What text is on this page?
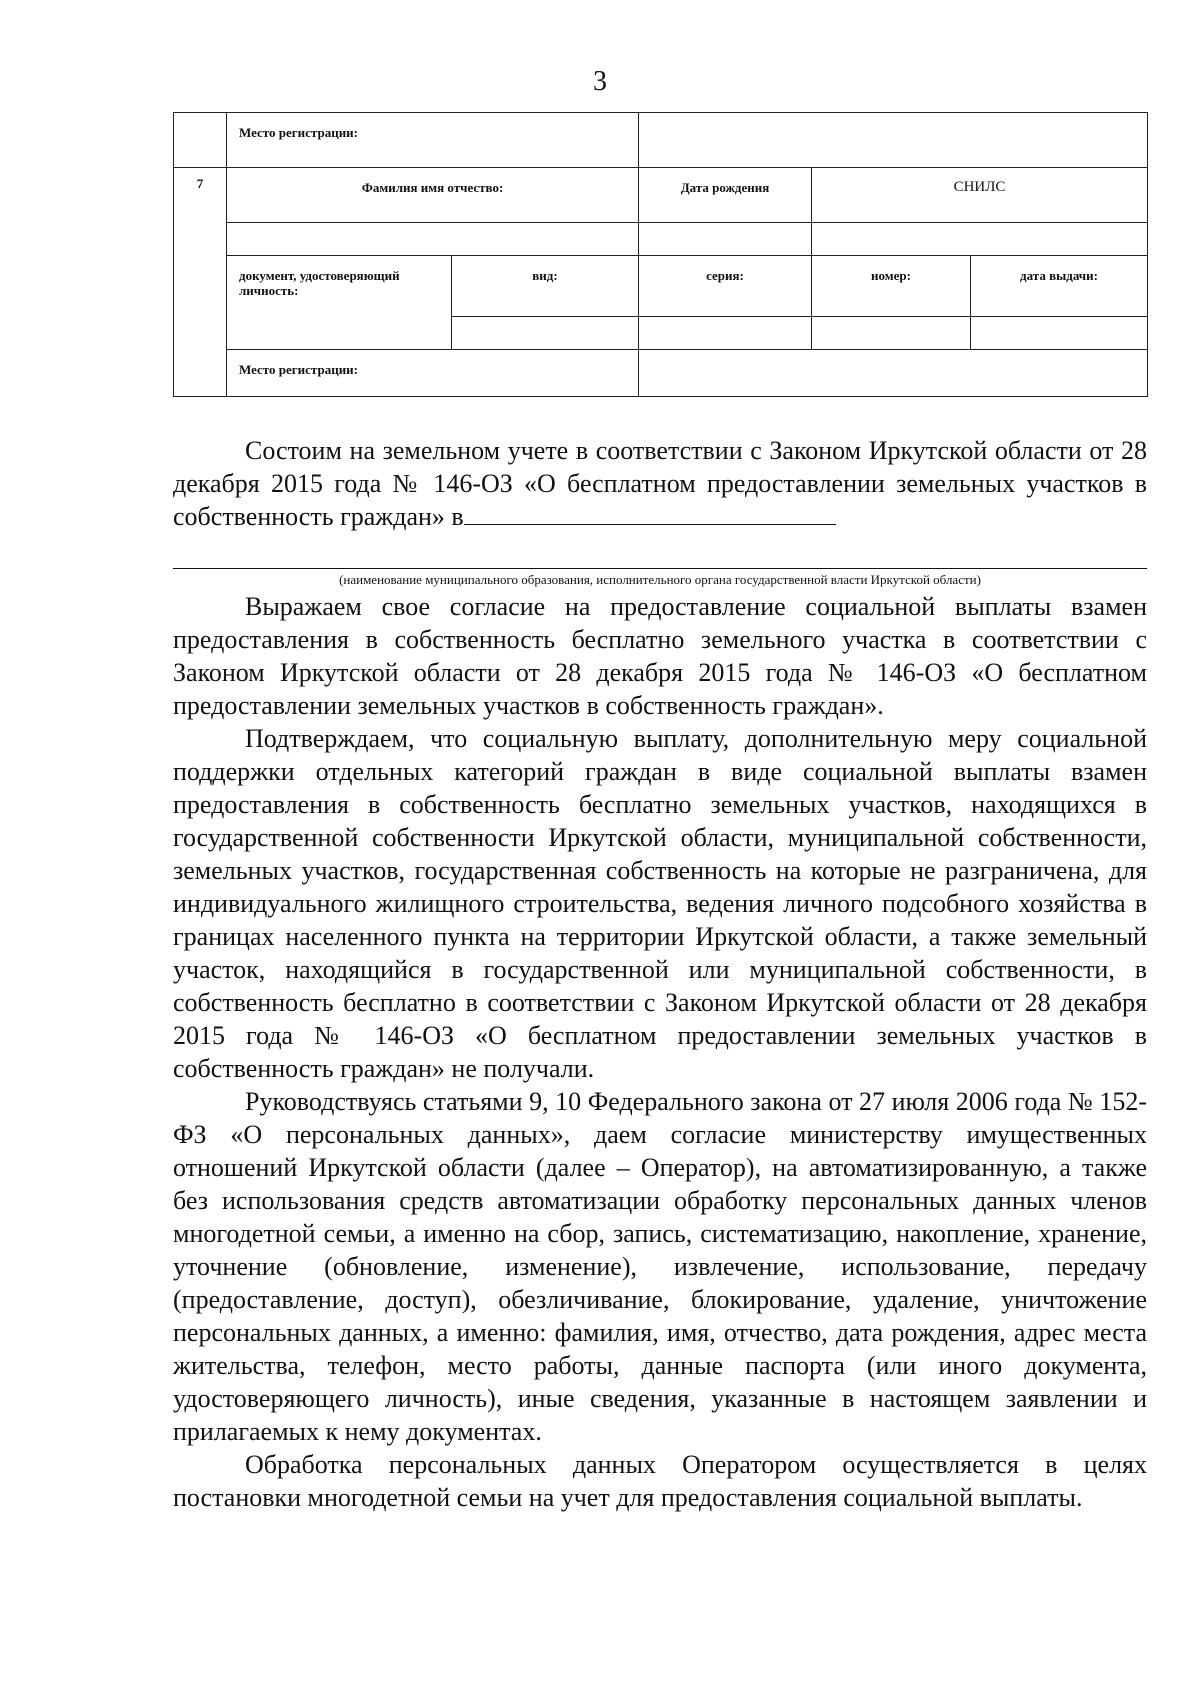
3
	Место регистрации:				
7	Фамилия имя отчество:		Дата рождения	СНИЛС	

	документ, удостоверяющий личность:	вид:	серия:	номер:	дата выдачи:

	Место регистрации:				

Состоим на земельном учете в соответствии с Законом Иркутской области от 28 декабря 2015 года № 146-ОЗ «О бесплатном предоставлении земельных участков в собственность граждан» в

(наименование муниципального образования, исполнительного органа государственной власти Иркутской области)

Выражаем свое согласие на предоставление социальной выплаты взамен предоставления в собственность бесплатно земельного участка в соответствии с Законом Иркутской области от 28 декабря 2015 года № 146-ОЗ «О бесплатном предоставлении земельных участков в собственность граждан».

Подтверждаем, что социальную выплату, дополнительную меру социальной поддержки отдельных категорий граждан в виде социальной выплаты взамен предоставления в собственность бесплатно земельных участков, находящихся в государственной собственности Иркутской области, муниципальной собственности, земельных участков, государственная собственность на которые не разграничена, для индивидуального жилищного строительства, ведения личного подсобного хозяйства в границах населенного пункта на территории Иркутской области, а также земельный участок, находящийся в государственной или муниципальной собственности, в собственность бесплатно в соответствии с Законом Иркутской области от 28 декабря 2015 года № 146-ОЗ «О бесплатном предоставлении земельных участков в собственность граждан» не получали.

Руководствуясь статьями 9, 10 Федерального закона от 27 июля 2006 года № 152-ФЗ «О персональных данных», даем согласие министерству имущественных отношений Иркутской области (далее – Оператор), на автоматизированную, а также без использования средств автоматизации обработку персональных данных членов многодетной семьи, а именно на сбор, запись, систематизацию, накопление, хранение, уточнение (обновление, изменение), извлечение, использование, передачу (предоставление, доступ), обезличивание, блокирование, удаление, уничтожение персональных данных, а именно: фамилия, имя, отчество, дата рождения, адрес места жительства, телефон, место работы, данные паспорта (или иного документа, удостоверяющего личность), иные сведения, указанные в настоящем заявлении и прилагаемых к нему документах.

Обработка персональных данных Оператором осуществляется в целях постановки многодетной семьи на учет для предоставления социальной выплаты.
